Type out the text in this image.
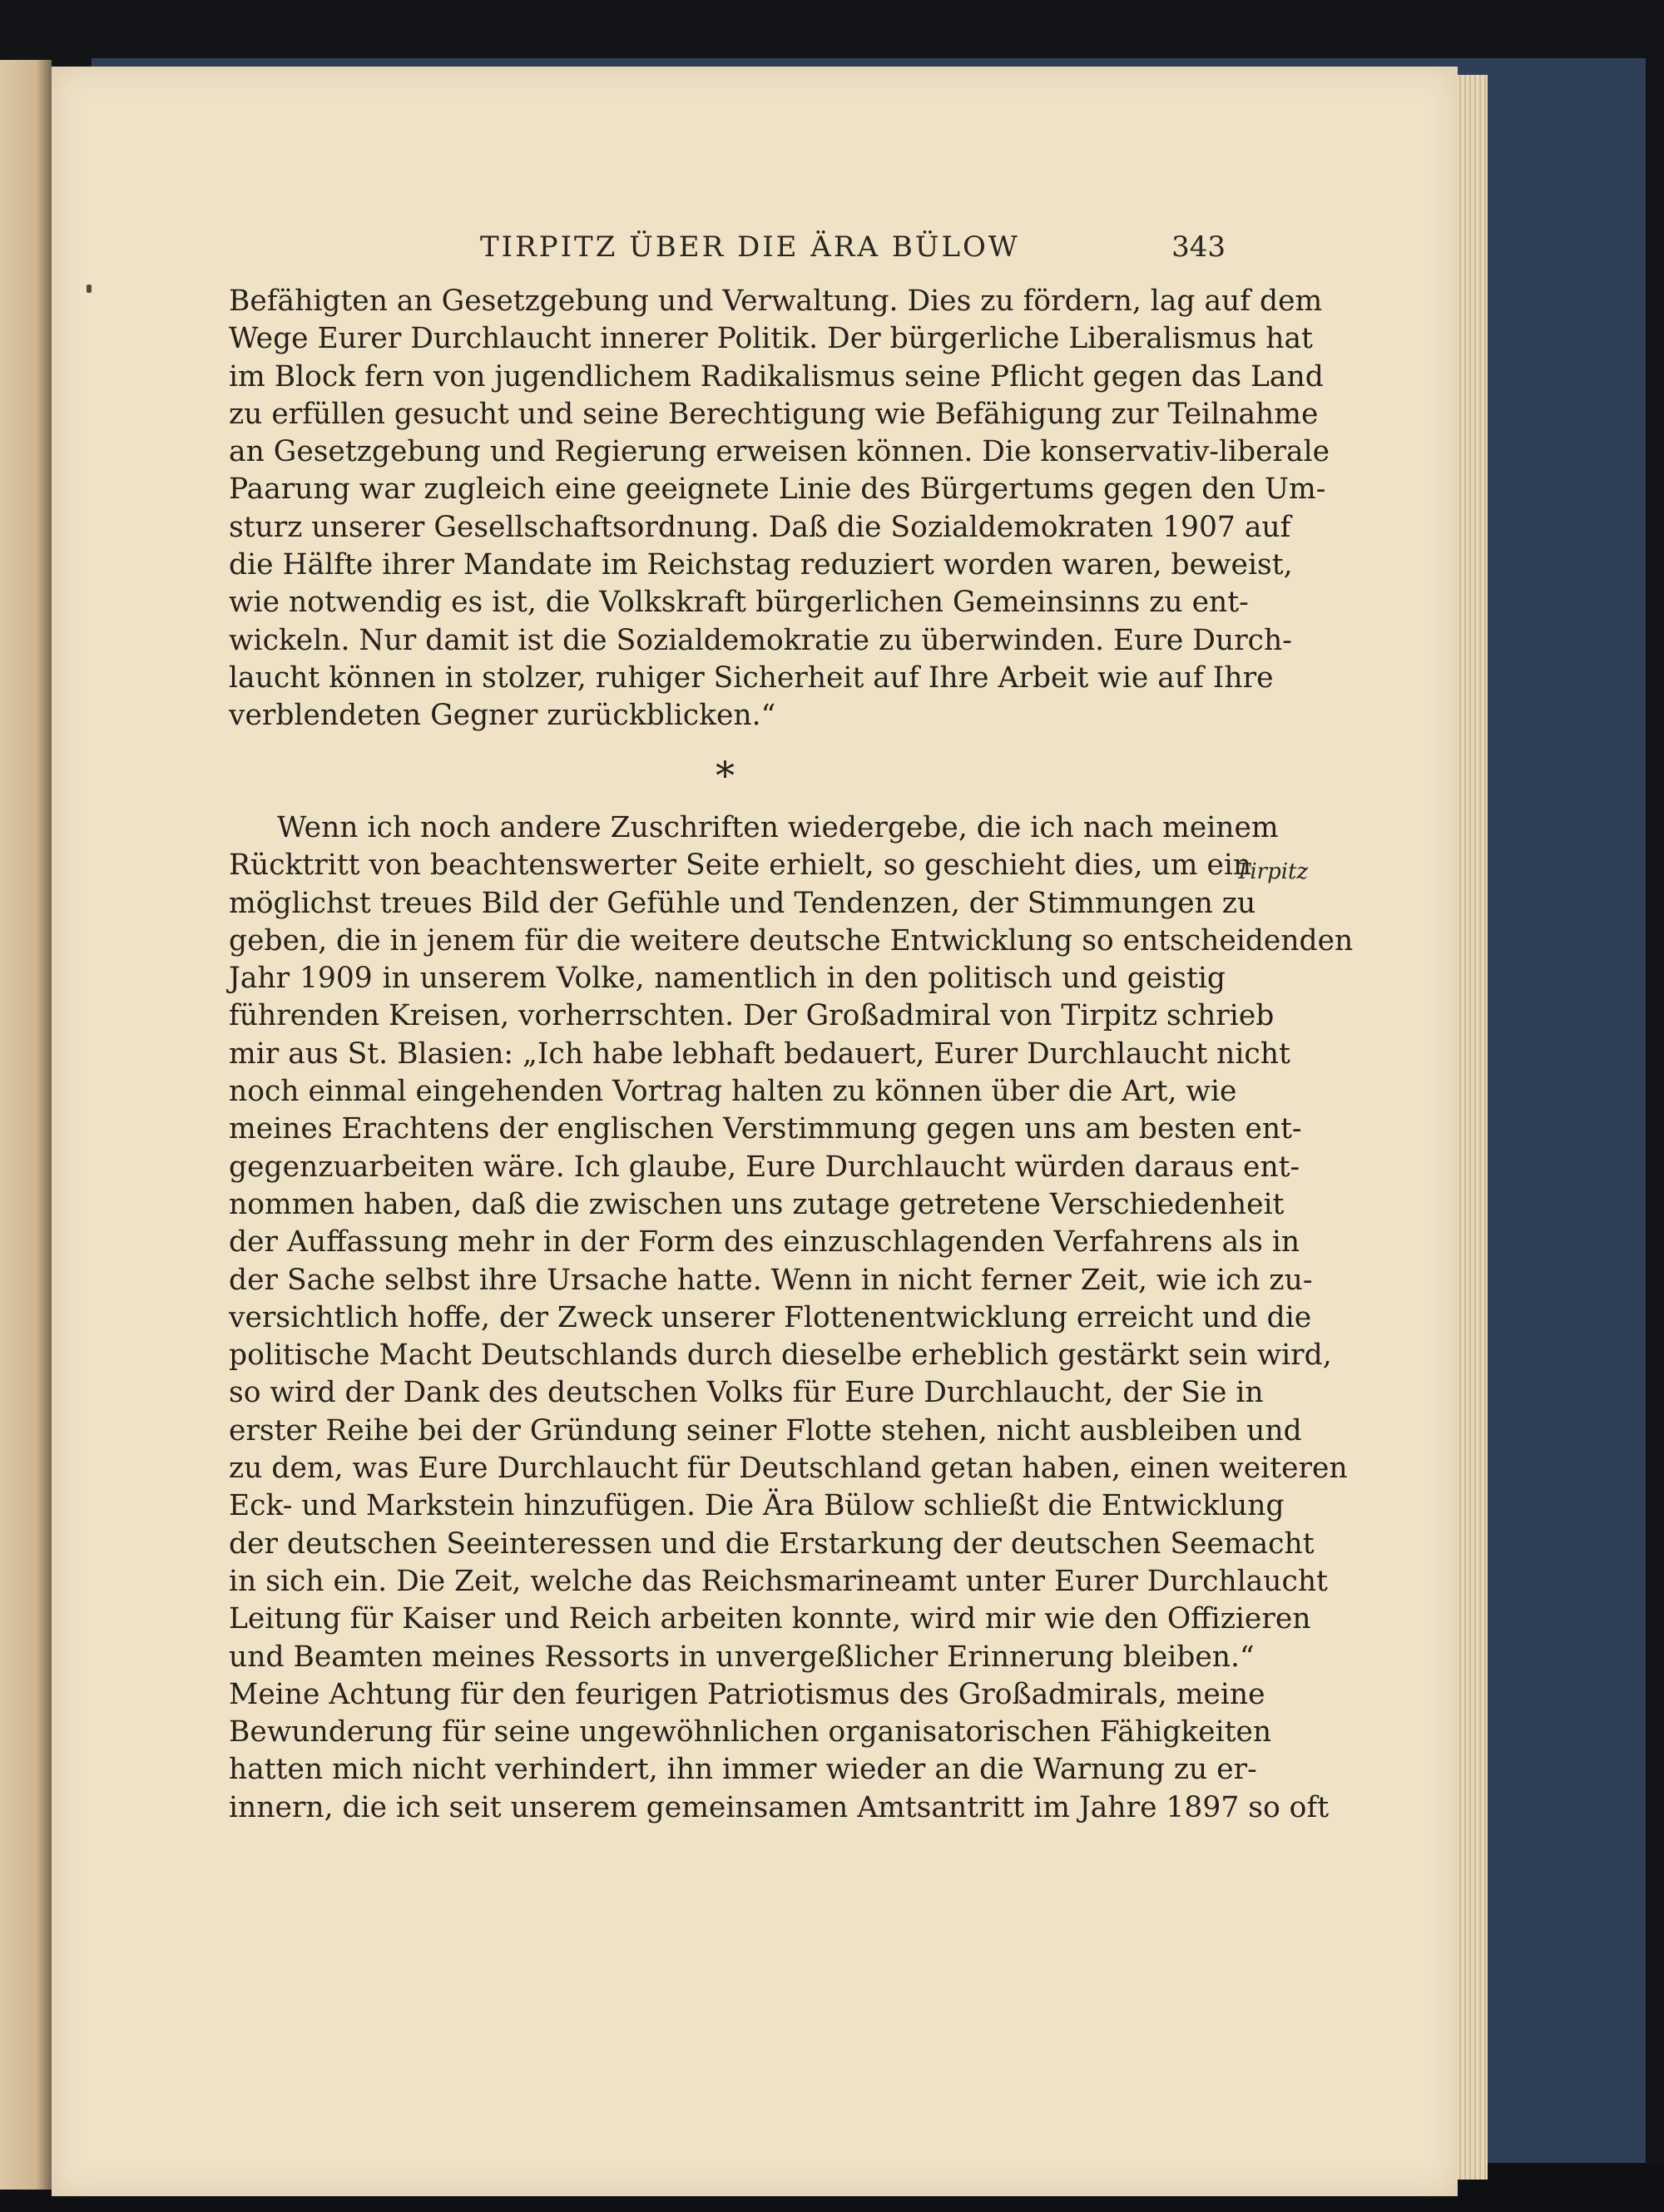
TIRPITZ ÜBER DIE ÄRA BÜLOW	343
Befähigten an Gesetzgebung und Verwaltung. Dies zu fördern, lag auf dem
Wege Eurer Durchlaucht innerer Politik. Der bürgerliche Liberalismus hat
im Block fern von jugendlichem Radikalismus seine Pflicht gegen das Land
zu erfüllen gesucht und seine Berechtigung wie Befähigung zur Teilnahme
an Gesetzgebung und Regierung erweisen können. Die konservativ-liberale
Paarung war zugleich eine geeignete Linie des Bürgertums gegen den Um-
sturz unserer Gesellschaftsordnung. Daß die Sozialdemokraten 1907 auf
die Hälfte ihrer Mandate im Reichstag reduziert worden waren, beweist,
wie notwendig es ist, die Volkskraft bürgerlichen Gemeinsinns zu ent-
wickeln. Nur damit ist die Sozialdemokratie zu überwinden. Eure Durch-
laucht können in stolzer, ruhiger Sicherheit auf Ihre Arbeit wie auf Ihre
verblendeten Gegner zurückblicken.“
*
Wenn ich noch andere Zuschriften wiedergebe, die ich nach meinem
Rücktritt von beachtenswerter Seite erhielt, so geschieht dies, um ein
möglichst treues Bild der Gefühle und Tendenzen, der Stimmungen zu
geben, die in jenem für die weitere deutsche Entwicklung so entscheidenden
Jahr 1909 in unserem Volke, namentlich in den politisch und geistig
führenden Kreisen, vorherrschten. Der Großadmiral von Tirpitz schrieb
mir aus St. Blasien: „Ich habe lebhaft bedauert, Eurer Durchlaucht nicht
noch einmal eingehenden Vortrag halten zu können über die Art, wie
meines Erachtens der englischen Verstimmung gegen uns am besten ent-
gegenzuarbeiten wäre. Ich glaube, Eure Durchlaucht würden daraus ent-
nommen haben, daß die zwischen uns zutage getretene Verschiedenheit
der Auffassung mehr in der Form des einzuschlagenden Verfahrens als in
der Sache selbst ihre Ursache hatte. Wenn in nicht ferner Zeit, wie ich zu-
versichtlich hoffe, der Zweck unserer Flottenentwicklung erreicht und die
politische Macht Deutschlands durch dieselbe erheblich gestärkt sein wird,
so wird der Dank des deutschen Volks für Eure Durchlaucht, der Sie in
erster Reihe bei der Gründung seiner Flotte stehen, nicht ausbleiben und
zu dem, was Eure Durchlaucht für Deutschland getan haben, einen weiteren
Eck- und Markstein hinzufügen. Die Ära Bülow schließt die Entwicklung
der deutschen Seeinteressen und die Erstarkung der deutschen Seemacht
in sich ein. Die Zeit, welche das Reichsmarineamt unter Eurer Durchlaucht
Leitung für Kaiser und Reich arbeiten konnte, wird mir wie den Offizieren
und Beamten meines Ressorts in unvergeßlicher Erinnerung bleiben.“
Meine Achtung für den feurigen Patriotismus des Großadmirals, meine
Bewunderung für seine ungewöhnlichen organisatorischen Fähigkeiten
hatten mich nicht verhindert, ihn immer wieder an die Warnung zu er-
innern, die ich seit unserem gemeinsamen Amtsantritt im Jahre 1897 so oft
Tirpitz
